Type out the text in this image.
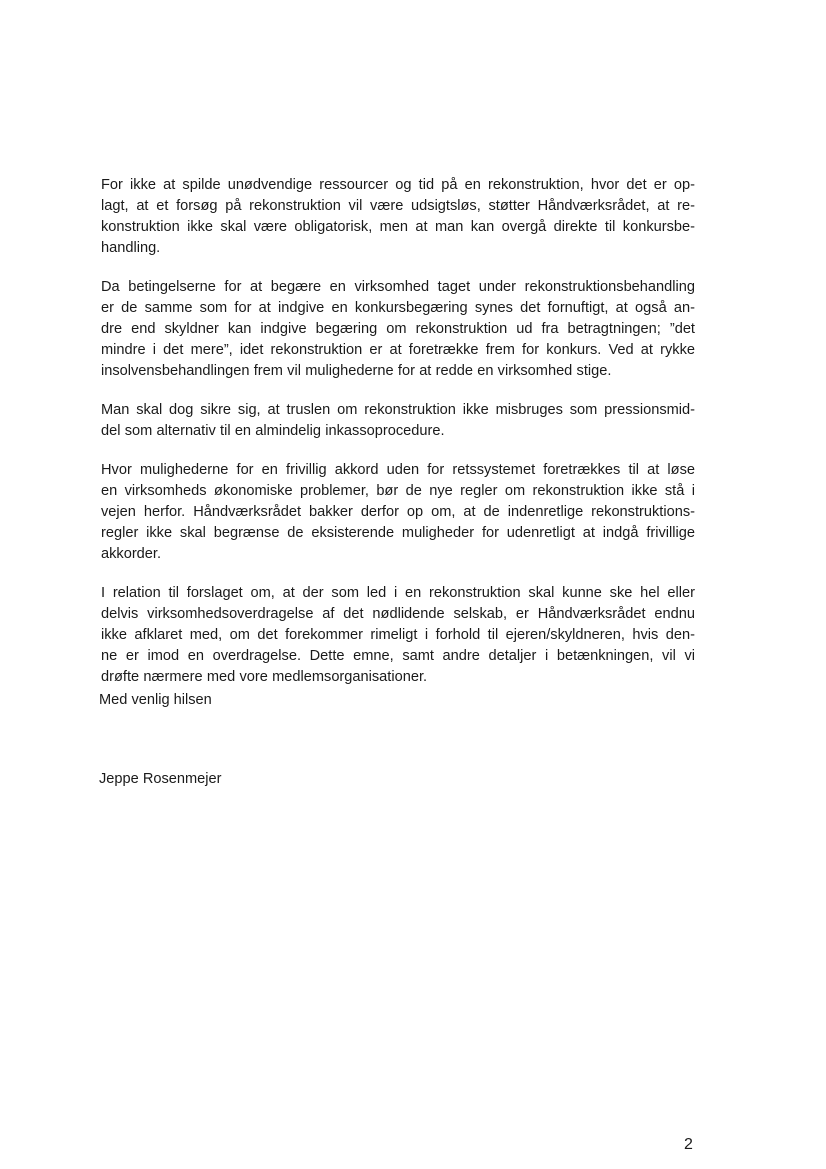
For ikke at spilde unødvendige ressourcer og tid på en rekonstruktion, hvor det er op-
lagt, at et forsøg på rekonstruktion vil være udsigtsløs, støtter Håndværksrådet, at re-
konstruktion ikke skal være obligatorisk, men at man kan overgå direkte til konkursbe-
handling.

Da betingelserne for at begære en virksomhed taget under rekonstruktionsbehandling
er de samme som for at indgive en konkursbegæring synes det fornuftigt, at også an-
dre end skyldner kan indgive begæring om rekonstruktion ud fra betragtningen; ”det
mindre i det mere”, idet rekonstruktion er at foretrække frem for konkurs. Ved at rykke
insolvensbehandlingen frem vil mulighederne for at redde en virksomhed stige.

Man skal dog sikre sig, at truslen om rekonstruktion ikke misbruges som pressionsmid-
del som alternativ til en almindelig inkassoprocedure.

Hvor mulighederne for en frivillig akkord uden for retssystemet foretrækkes til at løse
en virksomheds økonomiske problemer, bør de nye regler om rekonstruktion ikke stå i
vejen herfor. Håndværksrådet bakker derfor op om, at de indenretlige rekonstruktions-
regler ikke skal begrænse de eksisterende muligheder for udenretligt at indgå frivillige
akkorder.

I relation til forslaget om, at der som led i en rekonstruktion skal kunne ske hel eller
delvis virksomhedsoverdragelse af det nødlidende selskab, er Håndværksrådet endnu
ikke afklaret med, om det forekommer rimeligt i forhold til ejeren/skyldneren, hvis den-
ne er imod en overdragelse. Dette emne, samt andre detaljer i betænkningen, vil vi
drøfte nærmere med vore medlemsorganisationer.

Med venlig hilsen

Jeppe Rosenmejer

2
